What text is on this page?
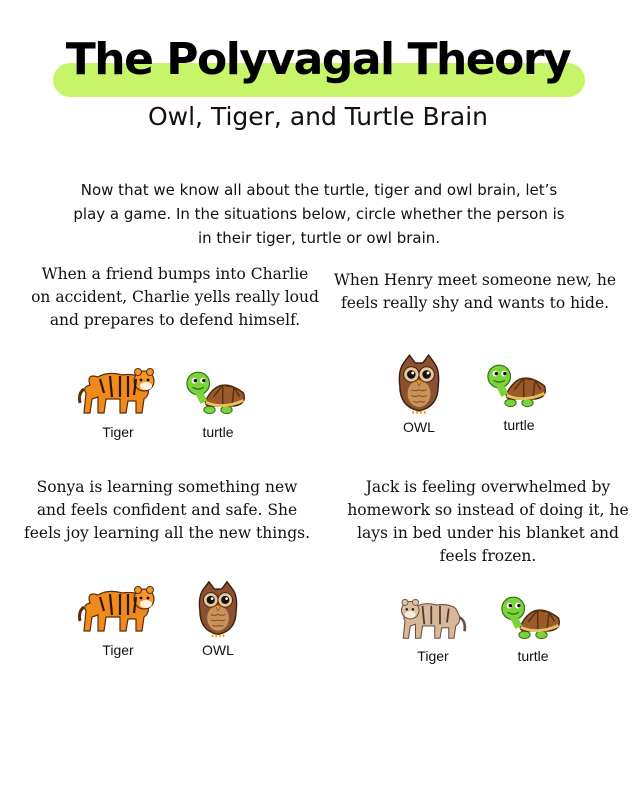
The Polyvagal Theory
Owl, Tiger, and Turtle Brain
Now that we know all about the turtle, tiger and owl brain, let’s play a game. In the situations below, circle whether the person is in their tiger, turtle or owl brain.
When a friend bumps into Charlie on accident, Charlie yells really loud and prepares to defend himself.
Tiger	turtle
When Henry meet someone new, he feels really shy and wants to hide.
OWL	turtle
Sonya is learning something new and feels confident and safe. She feels joy learning all the new things.
Tiger	OWL
Jack is feeling overwhelmed by homework so instead of doing it, he lays in bed under his blanket and feels frozen.
Tiger	turtle
